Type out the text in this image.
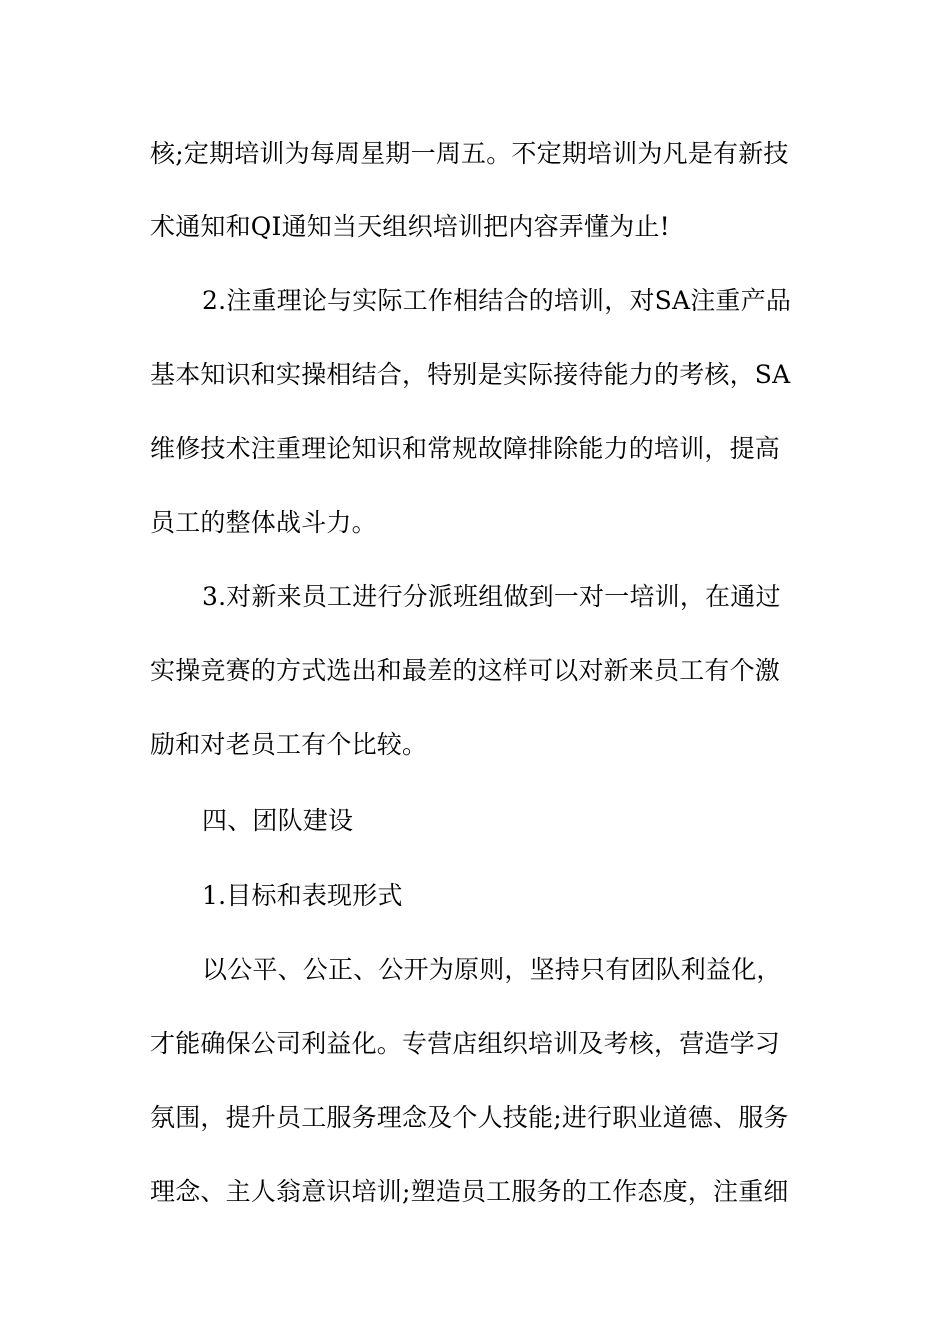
核;定期培训为每周星期一周五。不定期培训为凡是有新技
术通知和QI通知当天组织培训把内容弄懂为止!
2.注重理论与实际工作相结合的培训，对SA注重产品
基本知识和实操相结合，特别是实际接待能力的考核，SA
维修技术注重理论知识和常规故障排除能力的培训，提高
员工的整体战斗力。
3.对新来员工进行分派班组做到一对一培训，在通过
实操竞赛的方式选出和最差的这样可以对新来员工有个激
励和对老员工有个比较。
四、团队建设
1.目标和表现形式
以公平、公正、公开为原则，坚持只有团队利益化，
才能确保公司利益化。专营店组织培训及考核，营造学习
氛围，提升员工服务理念及个人技能;进行职业道德、服务
理念、主人翁意识培训;塑造员工服务的工作态度，注重细
